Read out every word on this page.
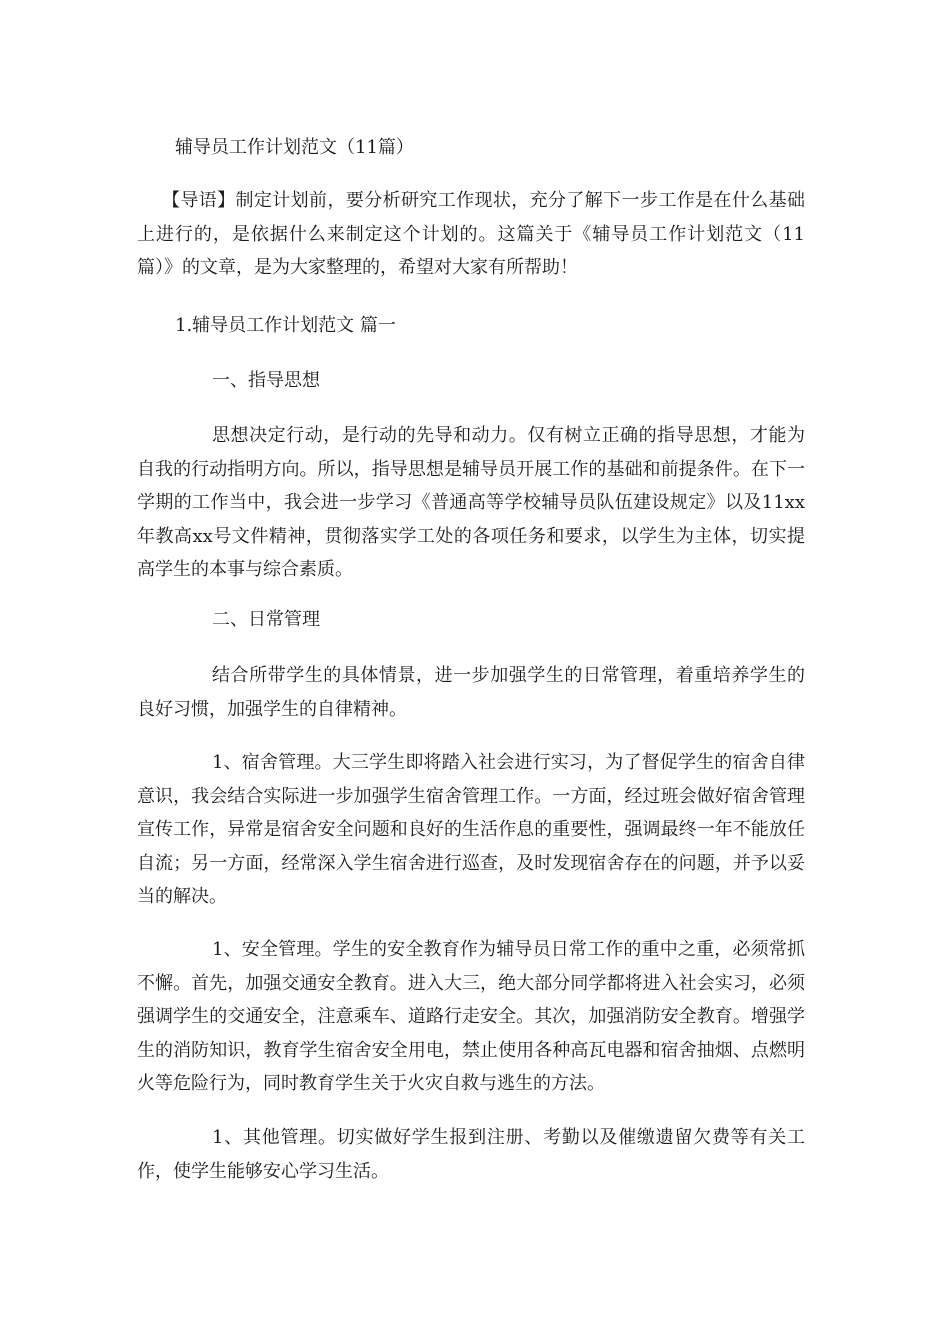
辅导员工作计划范文（11篇）

【导语】制定计划前，要分析研究工作现状，充分了解下一步工作是在什么基础上进行的，是依据什么来制定这个计划的。这篇关于《辅导员工作计划范文（11篇）》的文章，是为大家整理的，希望对大家有所帮助！

1.辅导员工作计划范文 篇一

一、指导思想

思想决定行动，是行动的先导和动力。仅有树立正确的指导思想，才能为自我的行动指明方向。所以，指导思想是辅导员开展工作的基础和前提条件。在下一学期的工作当中，我会进一步学习《普通高等学校辅导员队伍建设规定》以及11xx年教高xx号文件精神，贯彻落实学工处的各项任务和要求，以学生为主体，切实提高学生的本事与综合素质。

二、日常管理

结合所带学生的具体情景，进一步加强学生的日常管理，着重培养学生的良好习惯，加强学生的自律精神。

1、宿舍管理。大三学生即将踏入社会进行实习，为了督促学生的宿舍自律意识，我会结合实际进一步加强学生宿舍管理工作。一方面，经过班会做好宿舍管理宣传工作，异常是宿舍安全问题和良好的生活作息的重要性，强调最终一年不能放任自流；另一方面，经常深入学生宿舍进行巡查，及时发现宿舍存在的问题，并予以妥当的解决。

1、安全管理。学生的安全教育作为辅导员日常工作的重中之重，必须常抓不懈。首先，加强交通安全教育。进入大三，绝大部分同学都将进入社会实习，必须强调学生的交通安全，注意乘车、道路行走安全。其次，加强消防安全教育。增强学生的消防知识，教育学生宿舍安全用电，禁止使用各种高瓦电器和宿舍抽烟、点燃明火等危险行为，同时教育学生关于火灾自救与逃生的方法。

1、其他管理。切实做好学生报到注册、考勤以及催缴遗留欠费等有关工作，使学生能够安心学习生活。
